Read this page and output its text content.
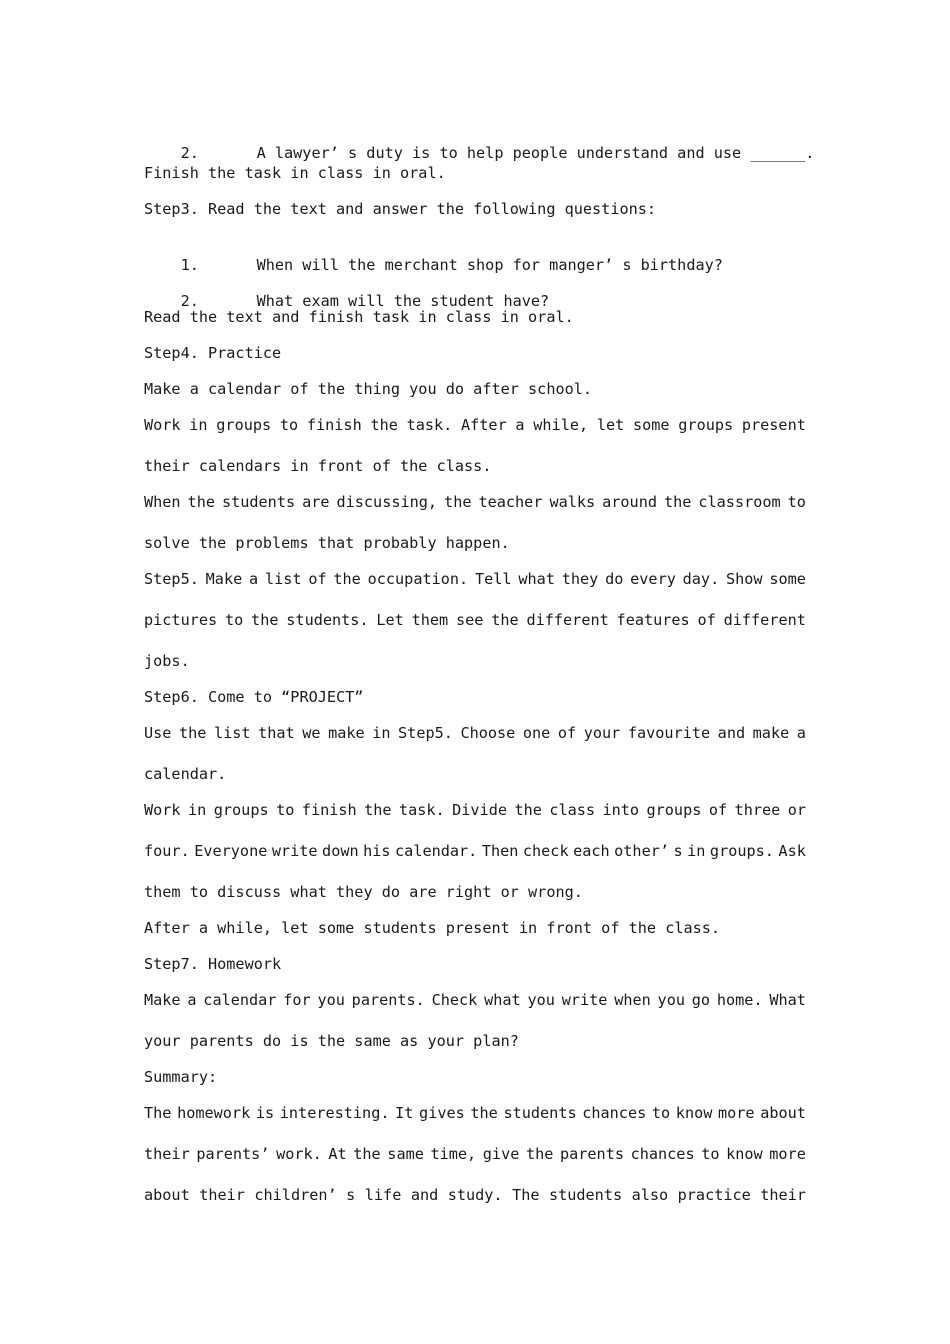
2.	A lawyer’ s duty is to help people understand and use ______.

Finish the task in class in oral.
Step3. Read the text and answer the following questions:

1.	When will the merchant shop for manger’ s birthday?

2.	What exam will the student have?

Read the text and finish task in class in oral.
Step4. Practice
Make a calendar of the thing you do after school.
Work in groups to finish the task. After a while, let some groups present
their calendars in front of the class.
When the students are discussing, the teacher walks around the classroom to
solve the problems that probably happen.
Step5. Make a list of the occupation. Tell what they do every day. Show some
pictures to the students. Let them see the different features of different
jobs.
Step6. Come to “PROJECT”
Use the list that we make in Step5. Choose one of your favourite and make a
calendar.
Work in groups to finish the task. Divide the class into groups of three or
four. Everyone write down his calendar. Then check each other’ s in groups. Ask
them to discuss what they do are right or wrong.
After a while, let some students present in front of the class.
Step7. Homework
Make a calendar for you parents. Check what you write when you go home. What
your parents do is the same as your plan?
Summary:
The homework is interesting. It gives the students chances to know more about
their parents’ work. At the same time, give the parents chances to know more
about their children’ s life and study. The students also practice their
